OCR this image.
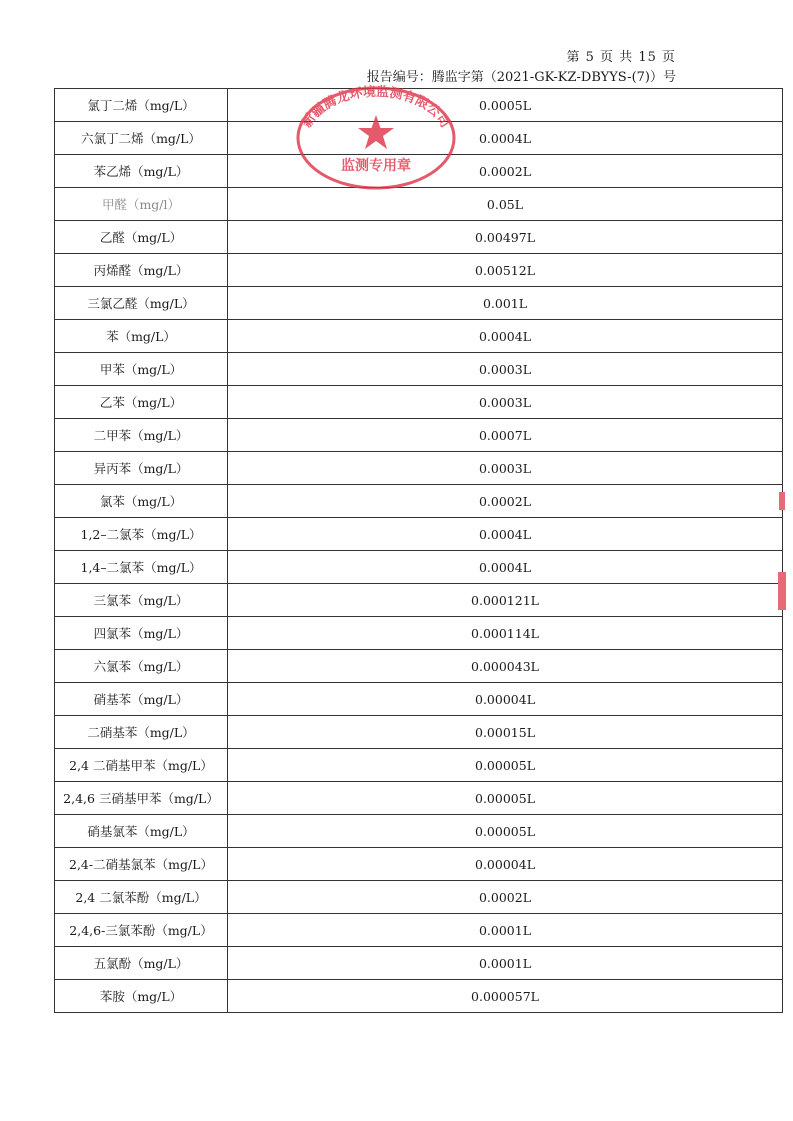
第 5 页 共 15 页
报告编号：腾监字第（2021-GK-KZ-DBYYS-(7)）号
氯丁二烯（mg/L）	0.0005L
六氯丁二烯（mg/L）	0.0004L
苯乙烯（mg/L）	0.0002L
甲醛（mg/l）	0.05L
乙醛（mg/L）	0.00497L
丙烯醛（mg/L）	0.00512L
三氯乙醛（mg/L）	0.001L
苯（mg/L）	0.0004L
甲苯（mg/L）	0.0003L
乙苯（mg/L）	0.0003L
二甲苯（mg/L）	0.0007L
异丙苯（mg/L）	0.0003L
氯苯（mg/L）	0.0002L
1,2–二氯苯（mg/L）	0.0004L
1,4–二氯苯（mg/L）	0.0004L
三氯苯（mg/L）	0.000121L
四氯苯（mg/L）	0.000114L
六氯苯（mg/L）	0.000043L
硝基苯（mg/L）	0.00004L
二硝基苯（mg/L）	0.00015L
2,4 二硝基甲苯（mg/L）	0.00005L
2,4,6 三硝基甲苯（mg/L）	0.00005L
硝基氯苯（mg/L）	0.00005L
2,4-二硝基氯苯（mg/L）	0.00004L
2,4 二氯苯酚（mg/L）	0.0002L
2,4,6-三氯苯酚（mg/L）	0.0001L
五氯酚（mg/L）	0.0001L
苯胺（mg/L）	0.000057L
新疆腾龙环境监测有限公司
监测专用章
